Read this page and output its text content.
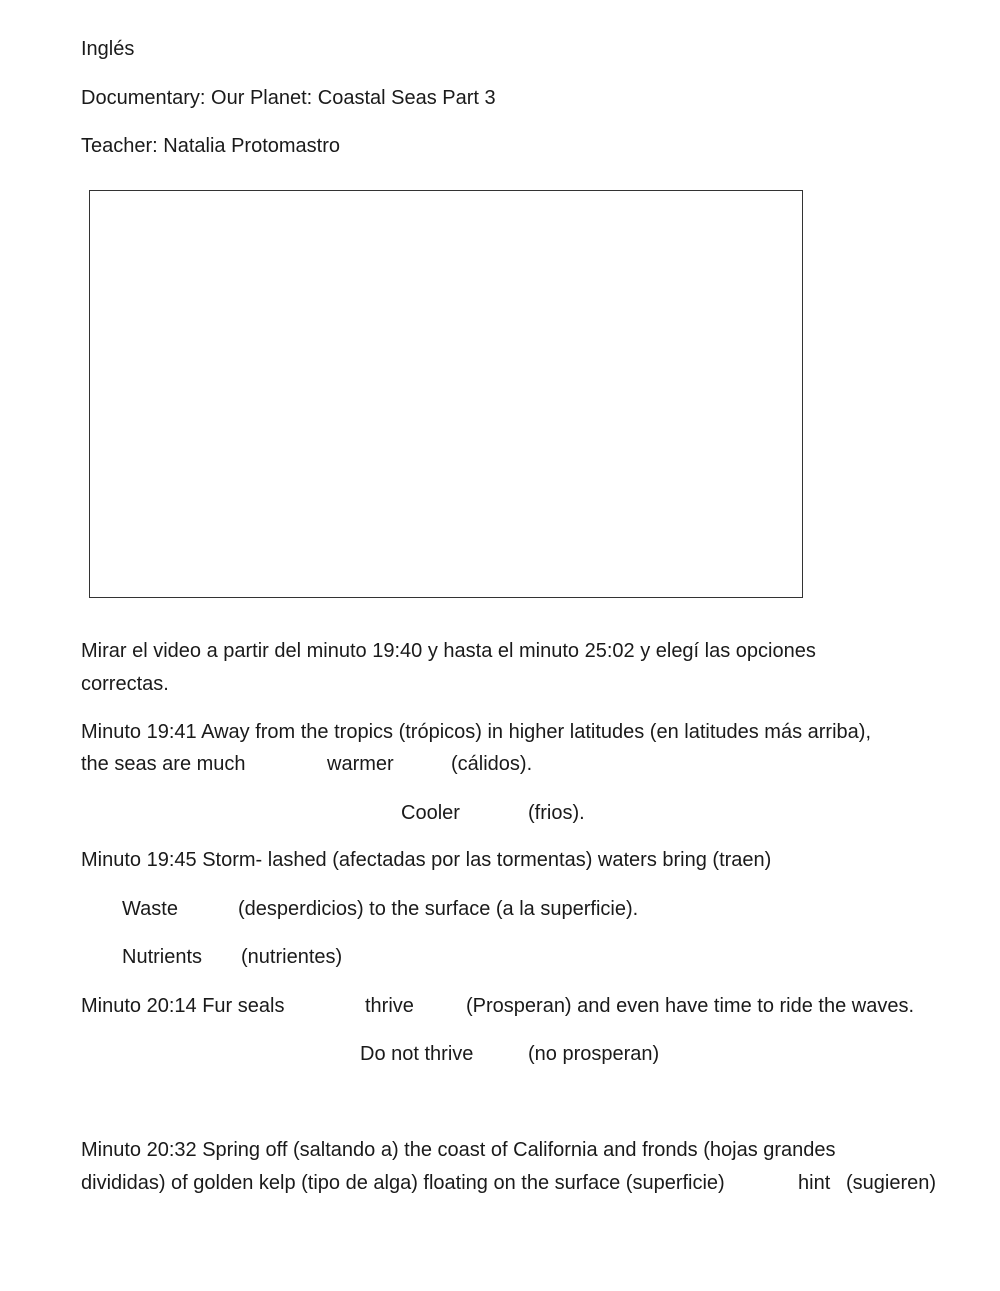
Inglés
Documentary: Our Planet: Coastal Seas Part 3
Teacher: Natalia Protomastro
Mirar el video a partir del minuto 19:40 y hasta el minuto 25:02 y elegí las opciones
correctas.
Minuto 19:41 Away from the tropics (trópicos) in higher latitudes (en latitudes más arriba),
the seas are much	warmer	(cálidos).
Cooler	(frios).
Minuto 19:45 Storm- lashed (afectadas por las tormentas) waters bring (traen)
Waste	(desperdicios) to the surface (a la superficie).
Nutrients (nutrientes)
Minuto 20:14 Fur seals	thrive	(Prosperan) and even have time to ride the waves.
Do not thrive	(no prosperan)
Minuto 20:32 Spring off (saltando a) the coast of California and fronds (hojas grandes
divididas) of golden kelp (tipo de alga) floating on the surface (superficie)	hint (sugieren)
